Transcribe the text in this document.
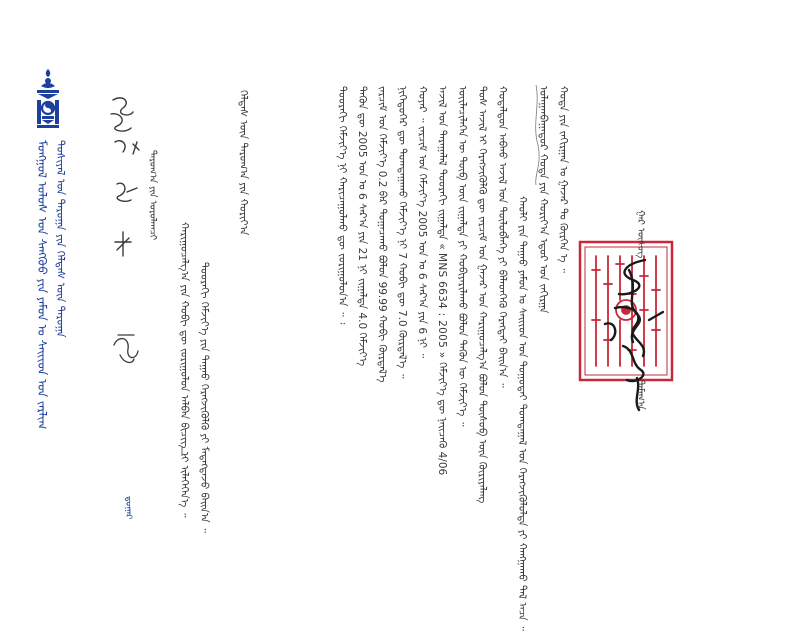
ᠮᠣᠩᠭᠣᠯ ᠤᠯᠤᠰ ᠤᠨ ᠰᠠᠩᠬᠦᠦ ᠶᠢᠨ ᠶᠠᠮᠤᠨ ᠤ ᠰᠠᠢᠢᠳ ᠤᠨ ᠵᠠᠷᠯᠢᠭ ᠲᠤᠰᠢᠶᠠᠯ ᠤᠨ ᠳᠠᠷᠤᠭᠠ ᠶᠢᠨ ᠬᠡᠯᠲᠡᠰ ᠦᠨ ᠳᠠᠷᠤᠭᠠ
ᠳ᠋ᠤᠭᠠᠷ
ᠳᠠᠷᠤᠭ᠎ᠠ ᠶᠢᠨ ᠣᠷᠤᠯᠠᠭᠴᠢ
ᠬᠠᠷᠢᠭᠤᠴᠠᠯᠭ᠎ᠠ ᠶᠢᠨ ᠬᠤᠪᠢ ᠳᠦ ᠵᠣᠷᠢᠭᠤᠯᠤᠨ ᠠᠯᠪᠠᠨ ᠪᠢᠴᠢᠭ ᠢ ᠢᠯᠡᠭᠡᠭᠡᠨ᠎ᠡ ᠃ ᠳᠣᠣᠷᠠᠬᠢ ᠬᠡᠮᠵᠢᠶ᠎ᠡ ᠶᠢᠨ ᠳᠠᠭᠠᠤ ᠬᠡᠷᠡᠭᠵᠢᠭᠦᠯᠬᠦ ᠶᠢ ᠮᠡᠳᠡᠭᠳᠡᠵᠦ ᠪᠠᠢᠨ᠎ᠠ ᠃
ᠬᠡᠯᠲᠡᠰ ᠦᠨ ᠳᠠᠷᠤᠭ᠎ᠠ ᠶᠢᠨ ᠬᠣᠷᠢᠶ᠎ᠠ	ᠳᠣᠣᠷᠠᠬᠢ ᠬᠡᠮᠵᠢᠶ᠎ᠡ ᠨᠢ ᠬᠠᠷᠢᠴᠠᠭᠤᠯᠬᠤ ᠳᠦ ᠵᠣᠷᠢᠭᠤᠯᠤᠨ᠎ᠠ ᠃ ᠄ ᠲᠡᠭᠦᠨ ᠳᠦ 2005 ᠣᠨ ᠤ 6 ᠰᠠᠷ᠎ᠠ ᠶᠢᠨ 21 ᠨᠢ ᠵᠢᠭᠠᠯᠲᠠ 4.0 ᠬᠡᠮᠵᠢᠶ᠎ᠡ ᠵᠠᠷᠴᠢᠮ ᠤᠨ ᠬᠡᠮᠵᠢᠶ᠎ᠡ 0.2 ᠪᠠᠷ ᠲᠣᠭᠠᠴᠠᠬᠤ ᠪᠣᠯᠤᠨ 99.99 ᠬᠤᠪᠢ ᠬᠦᠷᠲᠡᠯ᠎ᠡ ᠨᠢᠭᠡᠳᠦᠭᠡᠷ ᠳᠦ ᠲᠣᠭᠲᠠᠭᠠᠬᠤ ᠬᠡᠮᠵᠢᠶ᠎ᠡ ᠨᠢ 7 ᠬᠤᠪᠢ ᠳᠦ 7.0 ᠬᠦᠷᠲᠡᠯ᠎ᠡ ᠃ ᠬᠣᠶᠠᠷ ᠃ ᠵᠠᠷᠴᠢᠮ ᠤᠨ ᠬᠡᠮᠵᠢᠶ᠎ᠡ 2005 ᠣᠨ ᠤ 6 ᠰᠠᠷ᠎ᠠ ᠶᠢᠨ 6 ᠨᠢ ᠃ ᠠᠵᠢᠯ ᠤᠨ ᠳᠠᠷᠠᠭᠠᠯᠠᠯ ᠳᠣᠣᠷᠠᠬᠢ ᠵᠢᠭᠠᠯᠲᠠ « MNS 6634 : 2005 » ᠬᠡᠮᠵᠢᠶ᠎ᠡ ᠳᠦ ᠨᠡᠢᠴᠡᠬᠦ 4/06 ᠦᠢᠯᠡᠴᠢᠯᠡᠭᠡᠨ ᠦ ᠲᠦᠪ ᠦᠨ ᠵᠢᠭᠠᠯᠲᠠ ᠶᠢ ᠬᠤᠪᠢᠶᠠᠷᠢᠯᠠᠬᠤ ᠪᠣᠯᠤᠨ ᠲᠡᠭᠦᠨ ᠦ ᠬᠡᠮᠵᠢᠶ᠎ᠡ ᠃ ᠲᠤᠰ ᠠᠵᠢᠯ ᠢ ᠬᠡᠷᠡᠭᠵᠢᠭᠦᠯᠬᠦ ᠳᠦ ᠵᠠᠷᠴᠢᠮ ᠤᠨ ᠭᠠᠵᠠᠷ ᠤᠨ ᠬᠠᠷᠢᠭᠤᠴᠠᠯᠭ᠎ᠠ ᠪᠣᠯᠤᠨ ᠲᠥᠰᠦᠪ ᠦᠨ ᠬᠦᠷᠢᠶᠡᠯᠡᠩ ᠬᠤᠳᠠᠯᠳᠤᠨ ᠠᠪᠬᠤ ᠠᠵᠢᠯ ᠤᠨ ᠲᠥᠯᠥᠪᠯᠡᠭᠡ ᠶᠢ ᠪᠡᠯᠡᠳᠬᠡᠬᠦ ᠬᠡᠷᠡᠭᠲᠡᠢ ᠪᠠᠢᠨ᠎ᠠ ᠃ ᠬᠠᠤᠯᠢ ᠶᠢᠨ ᠳᠠᠭᠠᠤ ᠶᠠᠮᠤᠨ ᠤ ᠰᠠᠢᠢᠳ ᠤᠨ ᠲᠤᠭᠤᠲᠠᠢ ᠲᠣᠭᠲᠠᠭᠠᠯ ᠤᠨ ᠬᠡᠷᠡᠭᠵᠢᠭᠦᠯᠦᠯᠲᠡ ᠶᠢ ᠬᠠᠩᠭᠠᠬᠤ ᠲᠠᠯ ᠠᠴᠠ ᠃ ᠤᠯᠠᠭᠠᠨᠪᠠᠭᠠᠲᠤᠷ ᠬᠣᠲᠠ ᠶᠢᠨ ᠬᠣᠷᠢᠶ᠎ᠠ ᠡᠳᠦᠷ ᠤᠨ ᠵᠠᠬᠢᠷᠭᠠ ᠬᠣᠲᠠ ᠶᠢᠨ ᠵᠠᠬᠢᠷᠭᠠᠨ ᠤ ᠭᠠᠵᠠᠷ ᠲᠤ ᠬᠦᠷᠭᠡᠨ ᠡ ᠃	ᠭᠠᠷ ᠦᠰᠦᠭ
ᠲᠠᠮᠠᠭ᠎ᠠ
